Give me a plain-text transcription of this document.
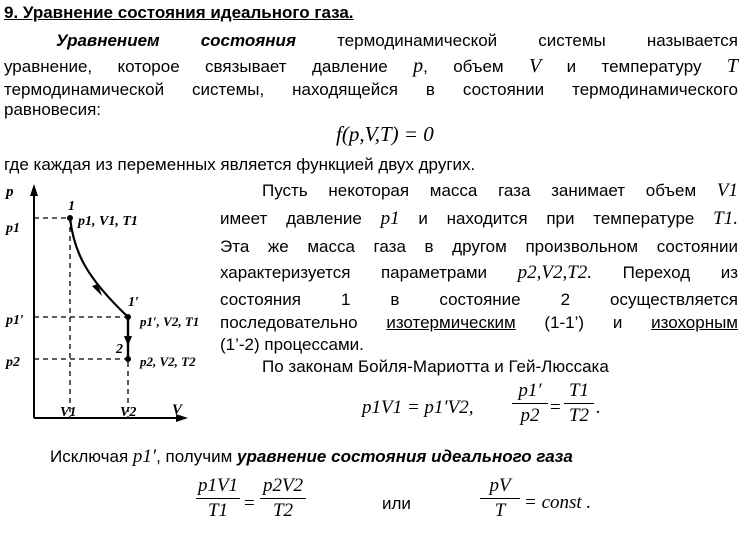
9. Уравнение состояния идеального газа.
Уравнением состояния термодинамической системы называется
уравнение, которое связывает давление p, объем V и температуру T
термодинамической системы, находящейся в состоянии термодинамического
равновесия:
f(p,V,T) = 0
где каждая из переменных является функцией двух других.
p
V
p1
p1′
p2
V1	V2
1
1′
2
p1, V1, T1
p1′, V2, T1
p2, V2, T2
Пусть некоторая масса газа занимает объем V1
имеет давление p1 и находится при температуре T1.
Эта же масса газа в другом произвольном состоянии
характеризуется параметрами p2,V2,T2. Переход из
состояния 1 в состояние 2 осуществляется
последовательно изотермическим (1-1’) и изохорным
(1’-2) процессами.
По законам Бойля-Мариотта и Гей-Люссака
p1V1 = p1′V2,
p1′
p2 =
T1
T2 .
Исключая p1′, получим уравнение состояния идеального газа
p1V1
T1 =
p2V2
T2	или
pV
T = const .
